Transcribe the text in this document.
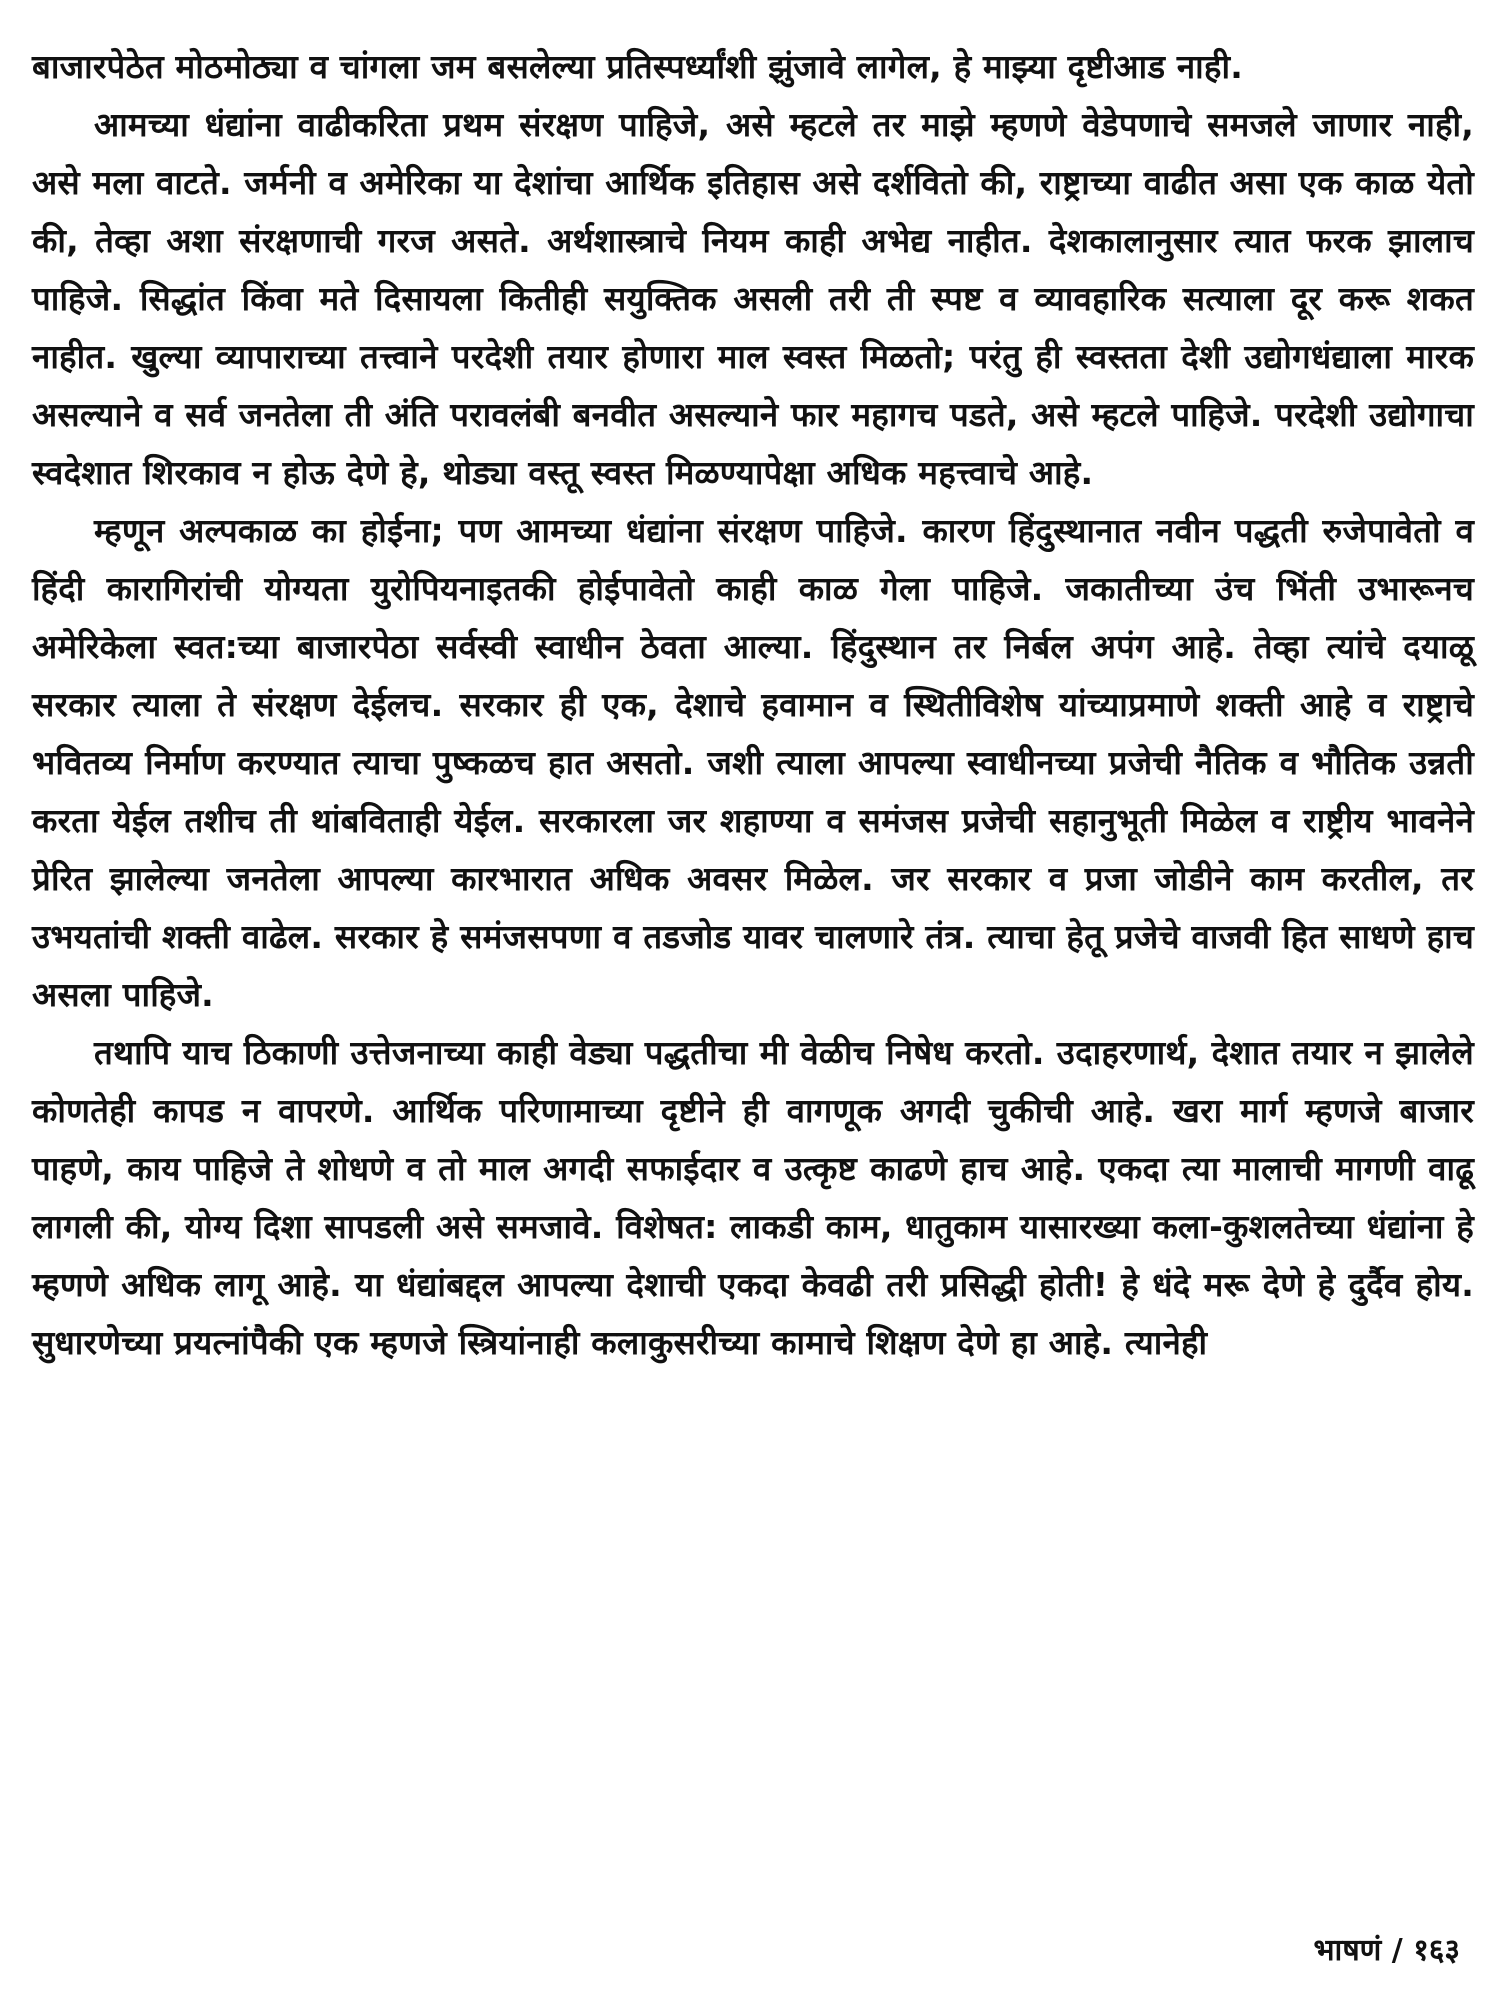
बाजारपेठेत मोठमोठ्या व चांगला जम बसलेल्या प्रतिस्पर्ध्यांशी झुंजावे लागेल, हे माझ्या दृष्टीआड नाही.

आमच्या धंद्यांना वाढीकरिता प्रथम संरक्षण पाहिजे, असे म्हटले तर माझे म्हणणे वेडेपणाचे समजले जाणार नाही, असे मला वाटते. जर्मनी व अमेरिका या देशांचा आर्थिक इतिहास असे दर्शवितो की, राष्ट्राच्या वाढीत असा एक काळ येतो की, तेव्हा अशा संरक्षणाची गरज असते. अर्थशास्त्राचे नियम काही अभेद्य नाहीत. देशकालानुसार त्यात फरक झालाच पाहिजे. सिद्धांत किंवा मते दिसायला कितीही सयुक्तिक असली तरी ती स्पष्ट व व्यावहारिक सत्याला दूर करू शकत नाहीत. खुल्या व्यापाराच्या तत्त्वाने परदेशी तयार होणारा माल स्वस्त मिळतो; परंतु ही स्वस्तता देशी उद्योगधंद्याला मारक असल्याने व सर्व जनतेला ती अंति परावलंबी बनवीत असल्याने फार महागच पडते, असे म्हटले पाहिजे. परदेशी उद्योगाचा स्वदेशात शिरकाव न होऊ देणे हे, थोड्या वस्तू स्वस्त मिळण्यापेक्षा अधिक महत्त्वाचे आहे.

म्हणून अल्पकाळ का होईना; पण आमच्या धंद्यांना संरक्षण पाहिजे. कारण हिंदुस्थानात नवीन पद्धती रुजेपावेतो व हिंदी कारागिरांची योग्यता युरोपियनाइतकी होईपावेतो काही काळ गेला पाहिजे. जकातीच्या उंच भिंती उभारूनच अमेरिकेला स्वत:च्या बाजारपेठा सर्वस्वी स्वाधीन ठेवता आल्या. हिंदुस्थान तर निर्बल अपंग आहे. तेव्हा त्यांचे दयाळू सरकार त्याला ते संरक्षण देईलच. सरकार ही एक, देशाचे हवामान व स्थितीविशेष यांच्याप्रमाणे शक्ती आहे व राष्ट्राचे भवितव्य निर्माण करण्यात त्याचा पुष्कळच हात असतो. जशी त्याला आपल्या स्वाधीनच्या प्रजेची नैतिक व भौतिक उन्नती करता येईल तशीच ती थांबविताही येईल. सरकारला जर शहाण्या व समंजस प्रजेची सहानुभूती मिळेल व राष्ट्रीय भावनेने प्रेरित झालेल्या जनतेला आपल्या कारभारात अधिक अवसर मिळेल. जर सरकार व प्रजा जोडीने काम करतील, तर उभयतांची शक्ती वाढेल. सरकार हे समंजसपणा व तडजोड यावर चालणारे तंत्र. त्याचा हेतू प्रजेचे वाजवी हित साधणे हाच असला पाहिजे.

तथापि याच ठिकाणी उत्तेजनाच्या काही वेड्या पद्धतीचा मी वेळीच निषेध करतो. उदाहरणार्थ, देशात तयार न झालेले कोणतेही कापड न वापरणे. आर्थिक परिणामाच्या दृष्टीने ही वागणूक अगदी चुकीची आहे. खरा मार्ग म्हणजे बाजार पाहणे, काय पाहिजे ते शोधणे व तो माल अगदी सफाईदार व उत्कृष्ट काढणे हाच आहे. एकदा त्या मालाची मागणी वाढू लागली की, योग्य दिशा सापडली असे समजावे. विशेषत: लाकडी काम, धातुकाम यासारख्या कला-कुशलतेच्या धंद्यांना हे म्हणणे अधिक लागू आहे. या धंद्यांबद्दल आपल्या देशाची एकदा केवढी तरी प्रसिद्धी होती! हे धंदे मरू देणे हे दुर्दैव होय. सुधारणेच्या प्रयत्नांपैकी एक म्हणजे स्त्रियांनाही कलाकुसरीच्या कामाचे शिक्षण देणे हा आहे. त्यानेही

भाषणं / १६३
